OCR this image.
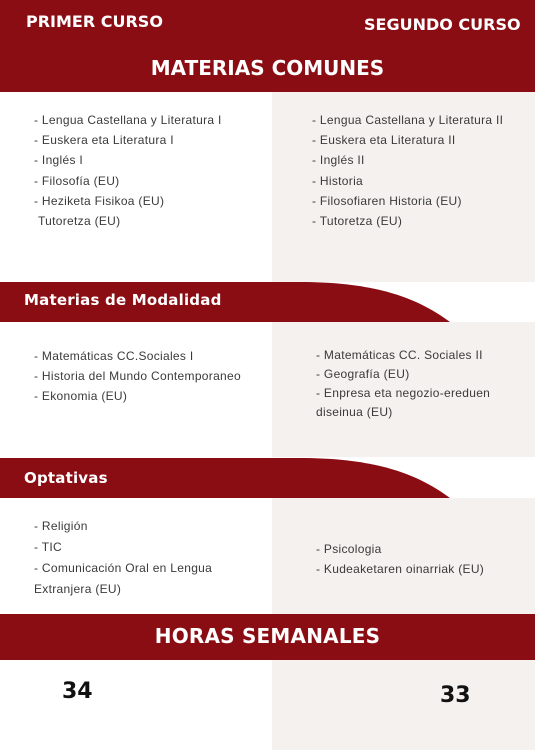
PRIMER CURSO	SEGUNDO CURSO
MATERIAS COMUNES
- Lengua Castellana y Literatura I
- Euskera eta Literatura I
- Inglés I
- Filosofía (EU)
- Heziketa Fisikoa (EU)
Tutoretza (EU)
- Lengua Castellana y Literatura II
- Euskera eta Literatura II
- Inglés II
- Historia
- Filosofiaren Historia (EU)
- Tutoretza (EU)
Materias de Modalidad
- Matemáticas CC.Sociales I
- Historia del Mundo Contemporaneo
- Ekonomia (EU)
- Matemáticas CC. Sociales II
- Geografía (EU)
- Enpresa eta negozio-ereduen diseinua (EU)
Optativas
- Religión
- TIC
- Comunicación Oral en Lengua Extranjera (EU)
- Psicologia
- Kudeaketaren oinarriak (EU)
HORAS SEMANALES
34	33
